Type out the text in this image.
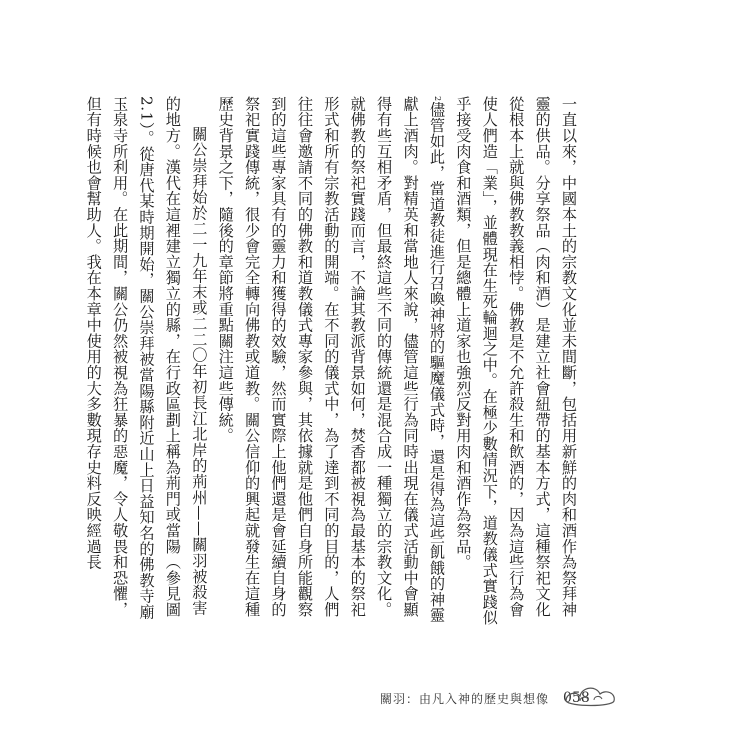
一直以來，中國本土的宗教文化並未間斷，包括用新鮮的肉和酒作為祭拜神靈的供品。分享祭品（肉和酒）是建立社會紐帶的基本方式，這種祭祀文化從根本上就與佛教教義相悖。佛教是不允許殺生和飲酒的，因為這些行為會使人們造「業」，並體現在生死輪迴之中。在極少數情況下，道教儀式實踐似乎接受肉食和酒類，但是總體上道家也強烈反對用肉和酒作為祭品。

2儘管如此，當道教徒進行召喚神將的驅魔儀式時，還是得為這些飢餓的神靈獻上酒肉。對精英和當地人來說，儘管這些行為同時出現在儀式活動中會顯得有些互相矛盾，但最終這些不同的傳統還是混合成一種獨立的宗教文化。就佛教的祭祀實踐而言，不論其教派背景如何，焚香都被視為最基本的祭祀形式和所有宗教活動的開端。在不同的儀式中，為了達到不同的目的，人們往往會邀請不同的佛教和道教儀式專家參與，其依據就是他們自身所能觀察到的這些專家具有的靈力和獲得的效驗，然而實際上他們還是會延續自身的祭祀實踐傳統，很少會完全轉向佛教或道教。關公信仰的興起就發生在這種歷史背景之下，隨後的章節將重點關注這些傳統。

關公崇拜始於二一九年末或二二〇年初長江北岸的荊州——關羽被殺害的地方。漢代在這裡建立獨立的縣，在行政區劃上稱為荊門或當陽（參見圖2.1）。從唐代某時期開始，關公崇拜被當陽縣附近山上日益知名的佛教寺廟玉泉寺所利用。在此期間，關公仍然被視為狂暴的惡魔，令人敬畏和恐懼，但有時候也會幫助人。我在本章中使用的大多數現存史料反映經過長

關羽：由凡入神的歷史與想像 058
